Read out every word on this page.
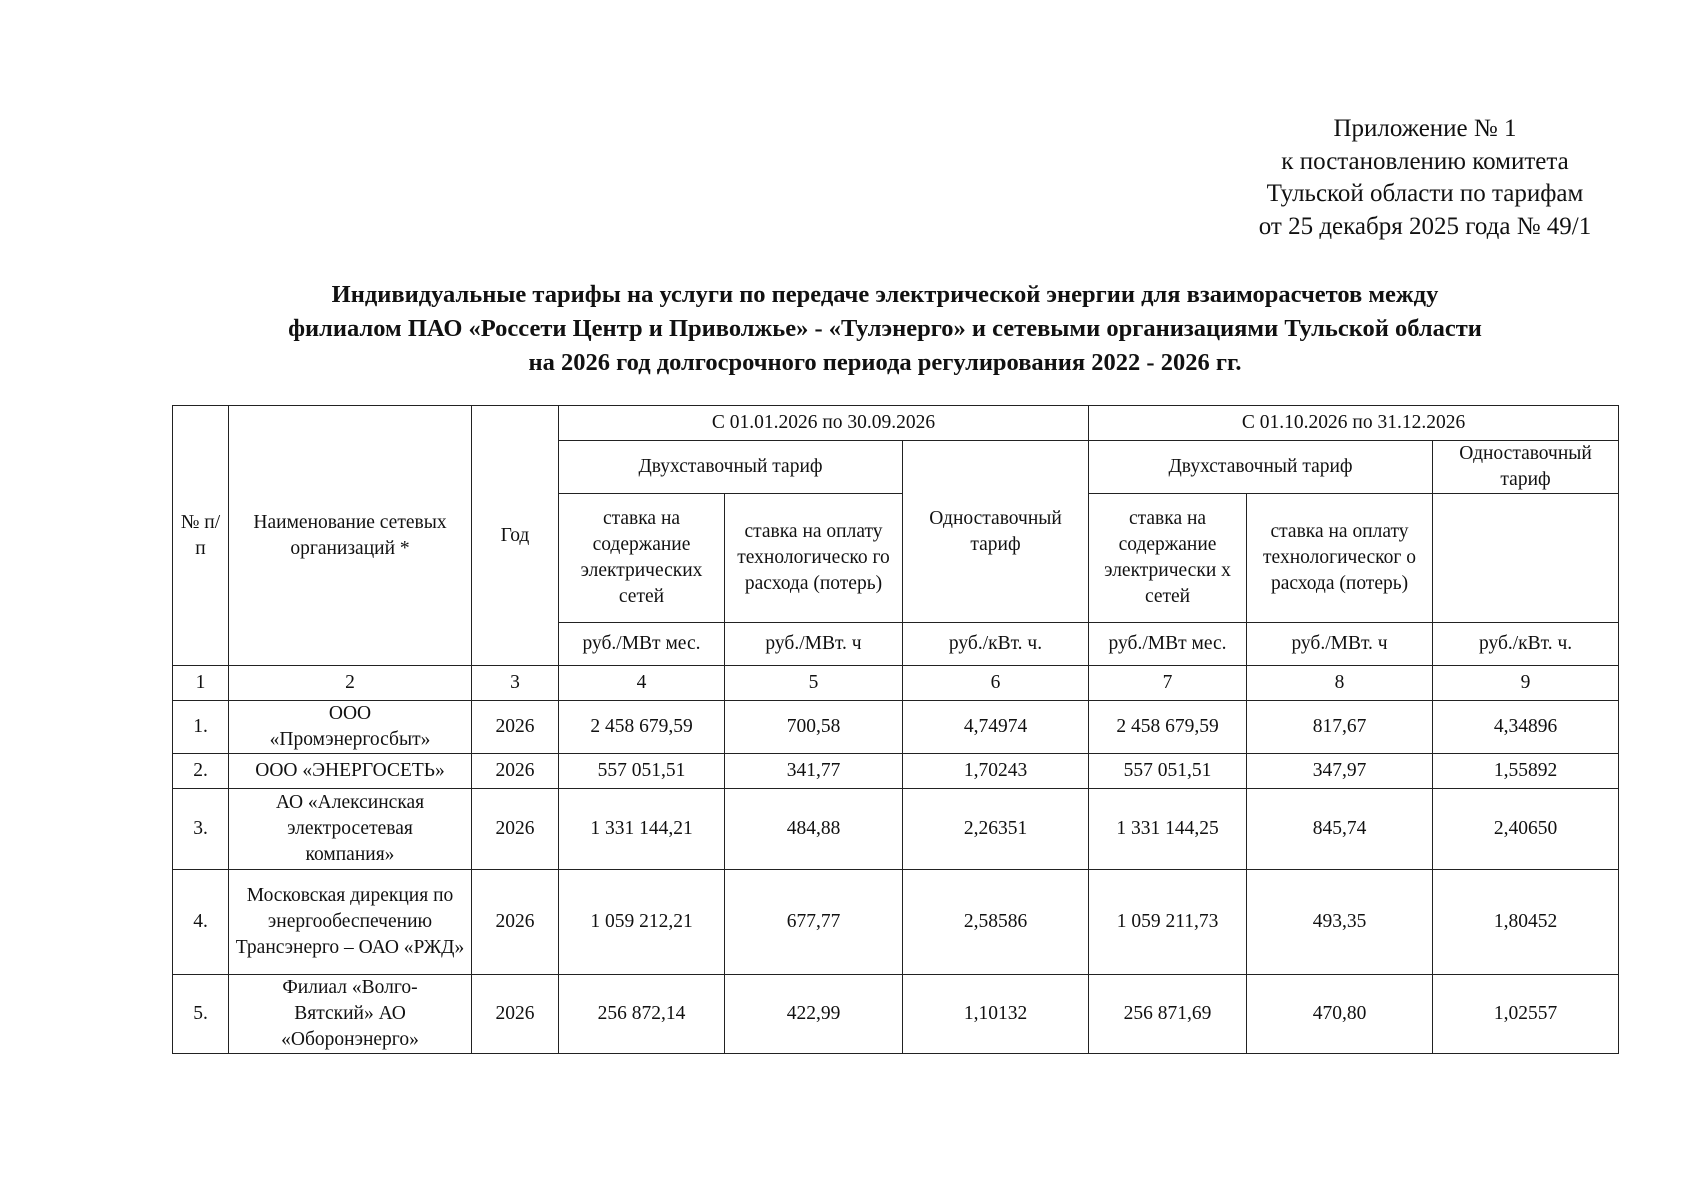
Приложение № 1
к постановлению комитета
Тульской области по тарифам
от 25 декабря 2025 года № 49/1
Индивидуальные тарифы на услуги по передаче электрической энергии для взаиморасчетов между
филиалом ПАО «Россети Центр и Приволжье» - «Тулэнерго» и сетевыми организациями Тульской области
на 2026 год долгосрочного периода регулирования 2022 - 2026 гг.
№ п/п	Наименование сетевых организаций *	Год	С 01.01.2026 по 30.09.2026			С 01.10.2026 по 31.12.2026		
			Двухставочный тариф		Одноставочный тариф	Двухставочный тариф		Одноставочный тариф
			ставка на содержание электрических сетей	ставка на оплату технологическо го расхода (потерь)		ставка на содержание электрически х сетей	ставка на оплату технологическог о расхода (потерь)	
			руб./МВт мес.	руб./МВт. ч	руб./кВт. ч.	руб./МВт мес.	руб./МВт. ч	руб./кВт. ч.
1	2	3	4	5	6	7	8	9
1.	ООО «Промэнергосбыт»	2026	2 458 679,59	700,58	4,74974	2 458 679,59	817,67	4,34896
2.	ООО «ЭНЕРГОСЕТЬ»	2026	557 051,51	341,77	1,70243	557 051,51	347,97	1,55892
3.	АО «Алексинская электросетевая компания»	2026	1 331 144,21	484,88	2,26351	1 331 144,25	845,74	2,40650
4.	Московская дирекция по энергообеспечению Трансэнерго – ОАО «РЖД»	2026	1 059 212,21	677,77	2,58586	1 059 211,73	493,35	1,80452
5.	Филиал «Волго-Вятский» АО «Оборонэнерго»	2026	256 872,14	422,99	1,10132	256 871,69	470,80	1,02557
